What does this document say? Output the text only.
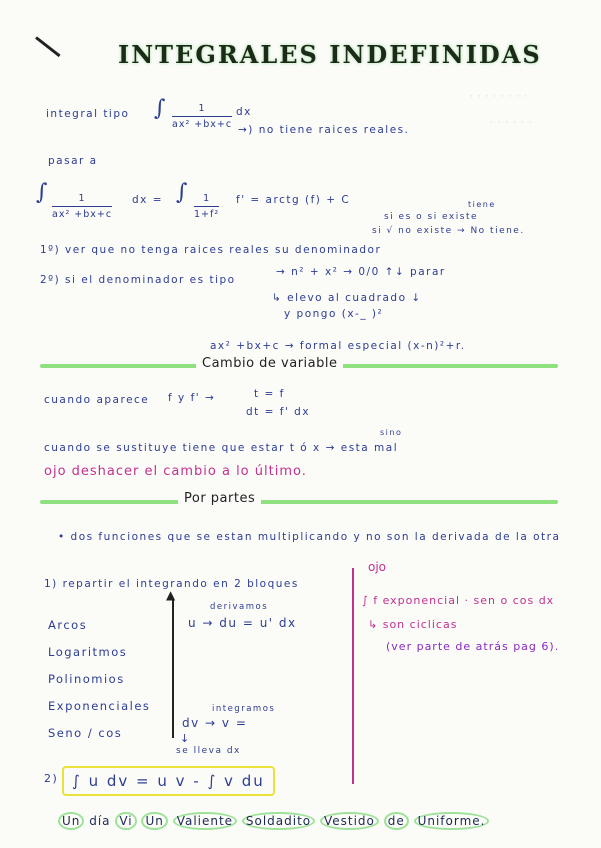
INTEGRALES INDEFINIDAS
· · · · · · · ·
· · · · · ·
integral tipo ∫ $\frac{1}{\text{ax² +bx+c}}$ dx
→) no tiene raices reales.
pasar a
∫
$\frac{1}{\text{ax² +bx+c}}$ dx = ∫
$\frac{1}{\text{1+f²}} f'$ = arctg (f) + C	tiene
si es o si existe
si √ no existe → No tiene.
1º) ver que no tenga raices reales su denominador
2º) si el denominador es tipo
→ n² + x² → 0/0 ↑↓ parar
↳ elevo al cuadrado ↓
y pongo (x-_ )²
ax² +bx+c → formal especial (x-n)²+r.
Cambio de variable
cuando aparece f y f' →	t = f
dt = f' dx
sino
cuando se sustituye tiene que estar t ó x → esta mal
ojo deshacer el cambio a lo último.
Por partes
• dos funciones que se estan multiplicando y no son la derivada de la otra
1) repartir el integrando en 2 bloques
Arcos
Logaritmos
Polinomios
Exponenciales
Seno / cos
▲
derivamos
u → du = u' dx
integramos
dv → v =
↓
se lleva dx
ojo
∫ f exponencial · sen o cos dx
↳ son ciclicas
(ver parte de atrás pag 6).
2) ∫ u dv = u v - ∫ v du
Un día Vi Un Valiente Soldadito Vestido de Uniforme.
